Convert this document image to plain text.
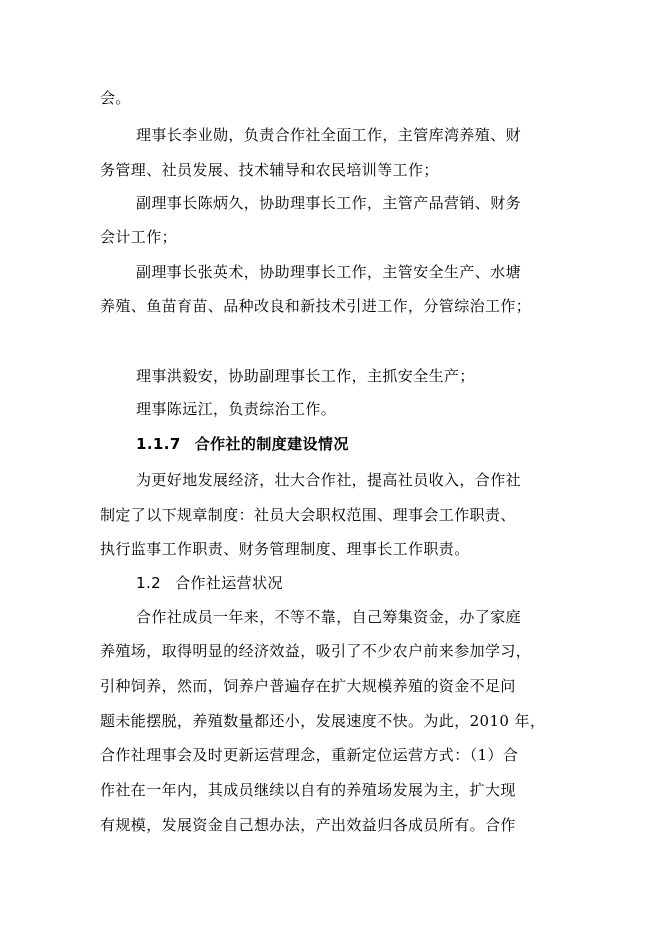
会。
理事长李业勋，负责合作社全面工作，主管库湾养殖、财
务管理、社员发展、技术辅导和农民培训等工作；
副理事长陈炳久，协助理事长工作，主管产品营销、财务
会计工作；
副理事长张英术，协助理事长工作，主管安全生产、水塘
养殖、鱼苗育苗、品种改良和新技术引进工作，分管综治工作；
理事洪毅安，协助副理事长工作，主抓安全生产；
理事陈远江，负责综治工作。
1.1.7 合作社的制度建设情况
为更好地发展经济，壮大合作社，提高社员收入，合作社
制定了以下规章制度：社员大会职权范围、理事会工作职责、
执行监事工作职责、财务管理制度、理事长工作职责。
1.2 合作社运营状况
合作社成员一年来，不等不靠，自己筹集资金，办了家庭
养殖场，取得明显的经济效益，吸引了不少农户前来参加学习，
引种饲养，然而，饲养户普遍存在扩大规模养殖的资金不足问
题未能摆脱，养殖数量都还小，发展速度不快。为此，2010 年，
合作社理事会及时更新运营理念，重新定位运营方式：（1）合
作社在一年内，其成员继续以自有的养殖场发展为主，扩大现
有规模，发展资金自己想办法，产出效益归各成员所有。合作
